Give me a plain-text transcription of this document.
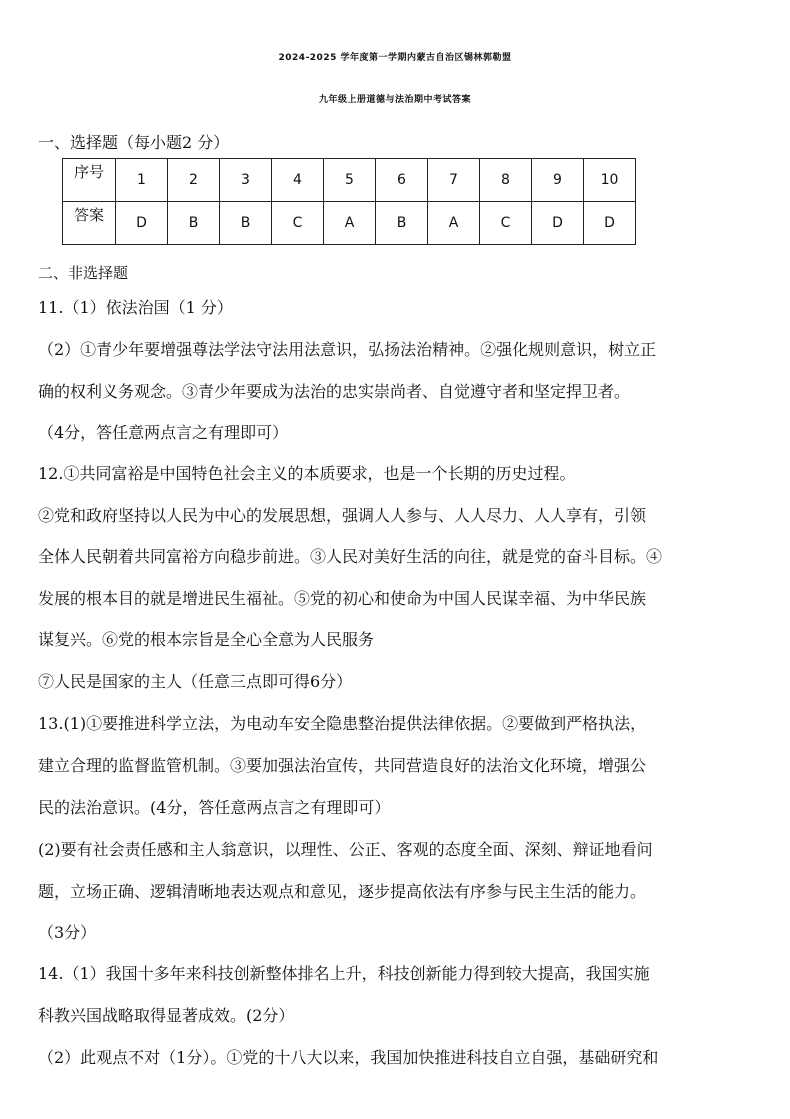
2024-2025 学年度第一学期内蒙古自治区锡林郭勒盟
九年级上册道德与法治期中考试答案
一、选择题（每小题2 分）
序号	1	2	3	4	5	6	7	8	9	10
答案	D	B	B	C	A	B	A	C	D	D
二、非选择题
11.（1）依法治国（1 分）
（2）①青少年要增强尊法学法守法用法意识，弘扬法治精神。②强化规则意识，树立正
确的权利义务观念。③青少年要成为法治的忠实崇尚者、自觉遵守者和坚定捍卫者。
（4分，答任意两点言之有理即可）
12.①共同富裕是中国特色社会主义的本质要求，也是一个长期的历史过程。
②党和政府坚持以人民为中心的发展思想，强调人人参与、人人尽力、人人享有，引领
全体人民朝着共同富裕方向稳步前进。③人民对美好生活的向往，就是党的奋斗目标。④
发展的根本目的就是增进民生福祉。⑤党的初心和使命为中国人民谋幸福、为中华民族
谋复兴。⑥党的根本宗旨是全心全意为人民服务
⑦人民是国家的主人（任意三点即可得6分）
13.(1)①要推进科学立法，为电动车安全隐患整治提供法律依据。②要做到严格执法，
建立合理的监督监管机制。③要加强法治宣传，共同营造良好的法治文化环境，增强公
民的法治意识。(4分，答任意两点言之有理即可）
(2)要有社会责任感和主人翁意识，以理性、公正、客观的态度全面、深刻、辩证地看问
题，立场正确、逻辑清晰地表达观点和意见，逐步提高依法有序参与民主生活的能力。
（3分）
14.（1）我国十多年来科技创新整体排名上升，科技创新能力得到较大提高，我国实施
科教兴国战略取得显著成效。(2分）
（2）此观点不对（1分）。①党的十八大以来，我国加快推进科技自立自强，基础研究和
